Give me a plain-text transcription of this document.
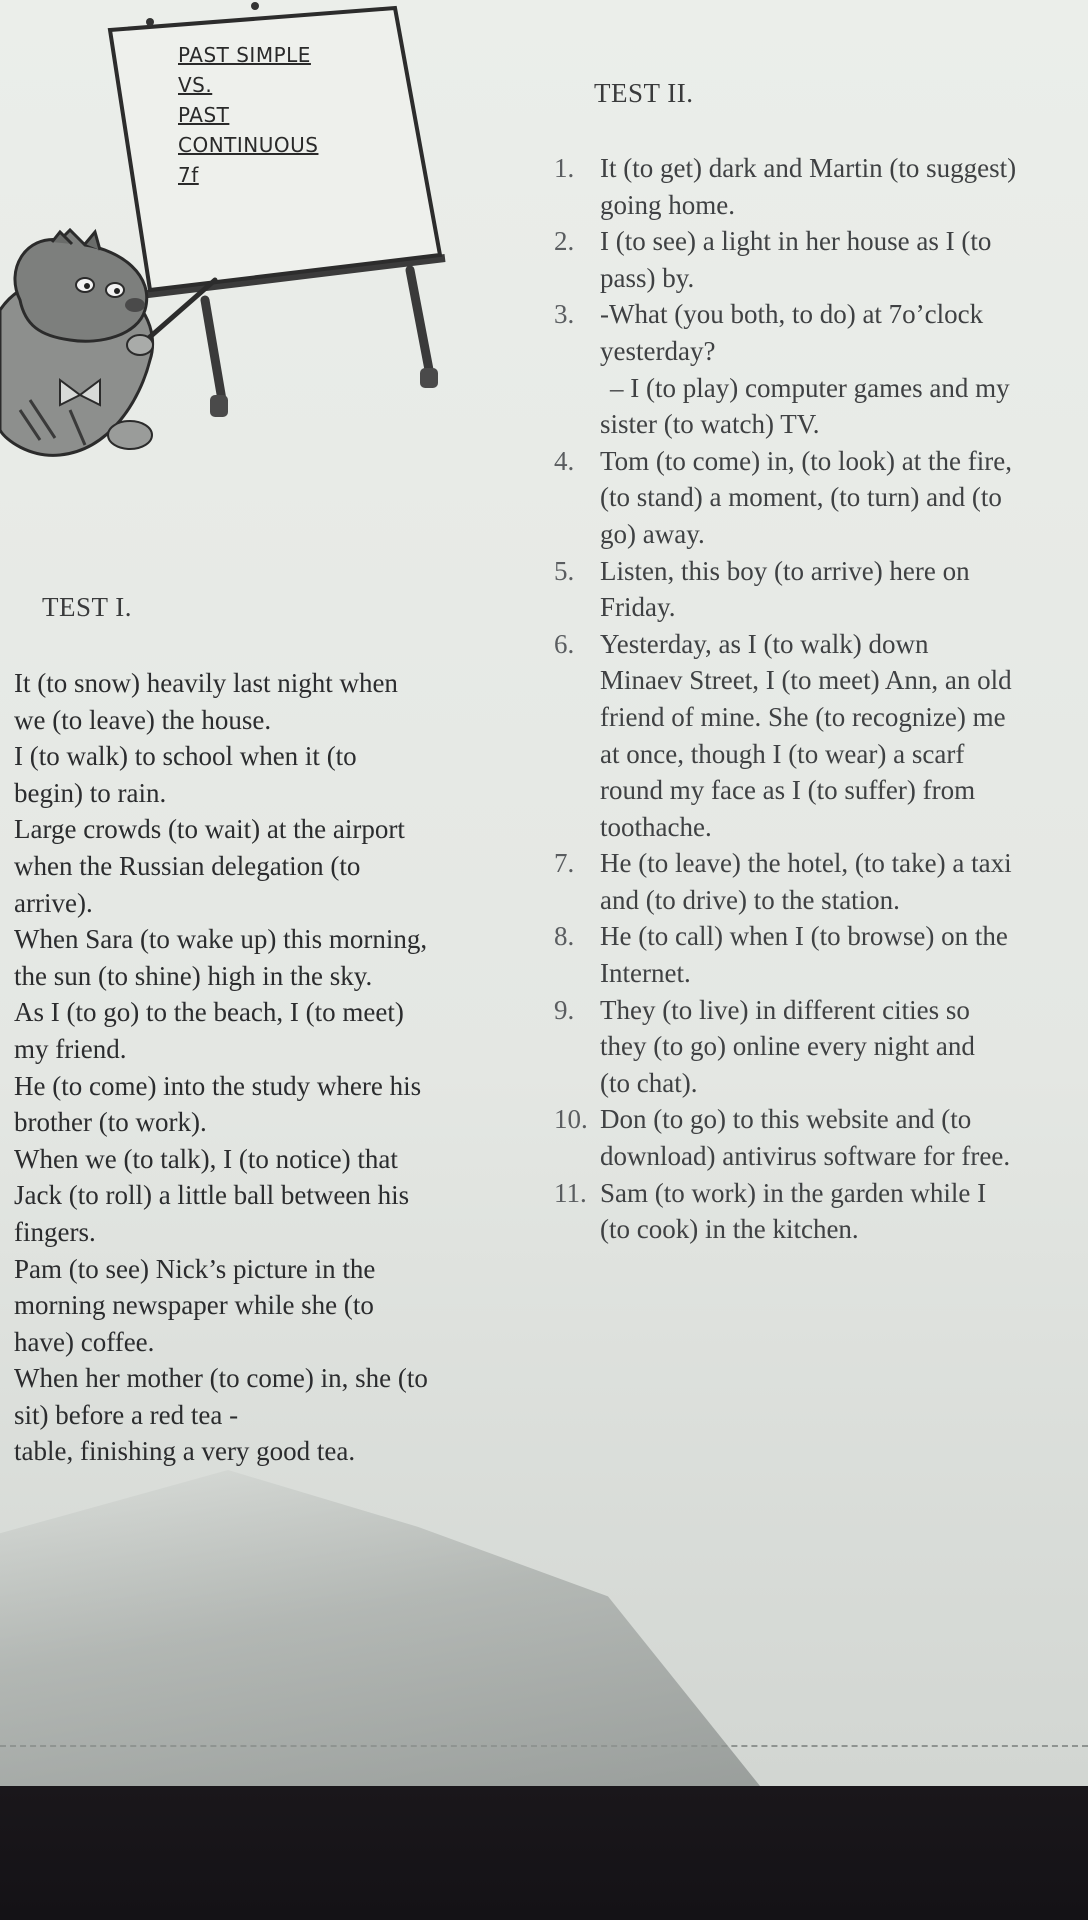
PAST SIMPLE
VS.
PAST
CONTINUOUS
7f
TEST I.
It (to snow) heavily last night when
we (to leave) the house.
I (to walk) to school when it (to
begin) to rain.
Large crowds (to wait) at the airport
when the Russian delegation (to
arrive).
When Sara (to wake up) this morning,
the sun (to shine) high in the sky.
As I (to go) to the beach, I (to meet)
my friend.
He (to come) into the study where his
brother (to work).
When we (to talk), I (to notice) that
Jack (to roll) a little ball between his
fingers.
Pam (to see) Nick’s picture in the
morning newspaper while she (to
have) coffee.
When her mother (to come) in, she (to
sit) before a red tea -
table, finishing a very good tea.
TEST II.
1. It (to get) dark and Martin (to suggest)
going home.
2. I (to see) a light in her house as I (to
pass) by.
3. -What (you both, to do) at 7o’clock
yesterday?
– I (to play) computer games and my
sister (to watch) TV.
4. Tom (to come) in, (to look) at the fire,
(to stand) a moment, (to turn) and (to
go) away.
5. Listen, this boy (to arrive) here on
Friday.
6. Yesterday, as I (to walk) down
Minaev Street, I (to meet) Ann, an old
friend of mine. She (to recognize) me
at once, though I (to wear) a scarf
round my face as I (to suffer) from
toothache.
7. He (to leave) the hotel, (to take) a taxi
and (to drive) to the station.
8. He (to call) when I (to browse) on the
Internet.
9. They (to live) in different cities so
they (to go) online every night and
(to chat).
10. Don (to go) to this website and (to
download) antivirus software for free.
11. Sam (to work) in the garden while I
(to cook) in the kitchen.
